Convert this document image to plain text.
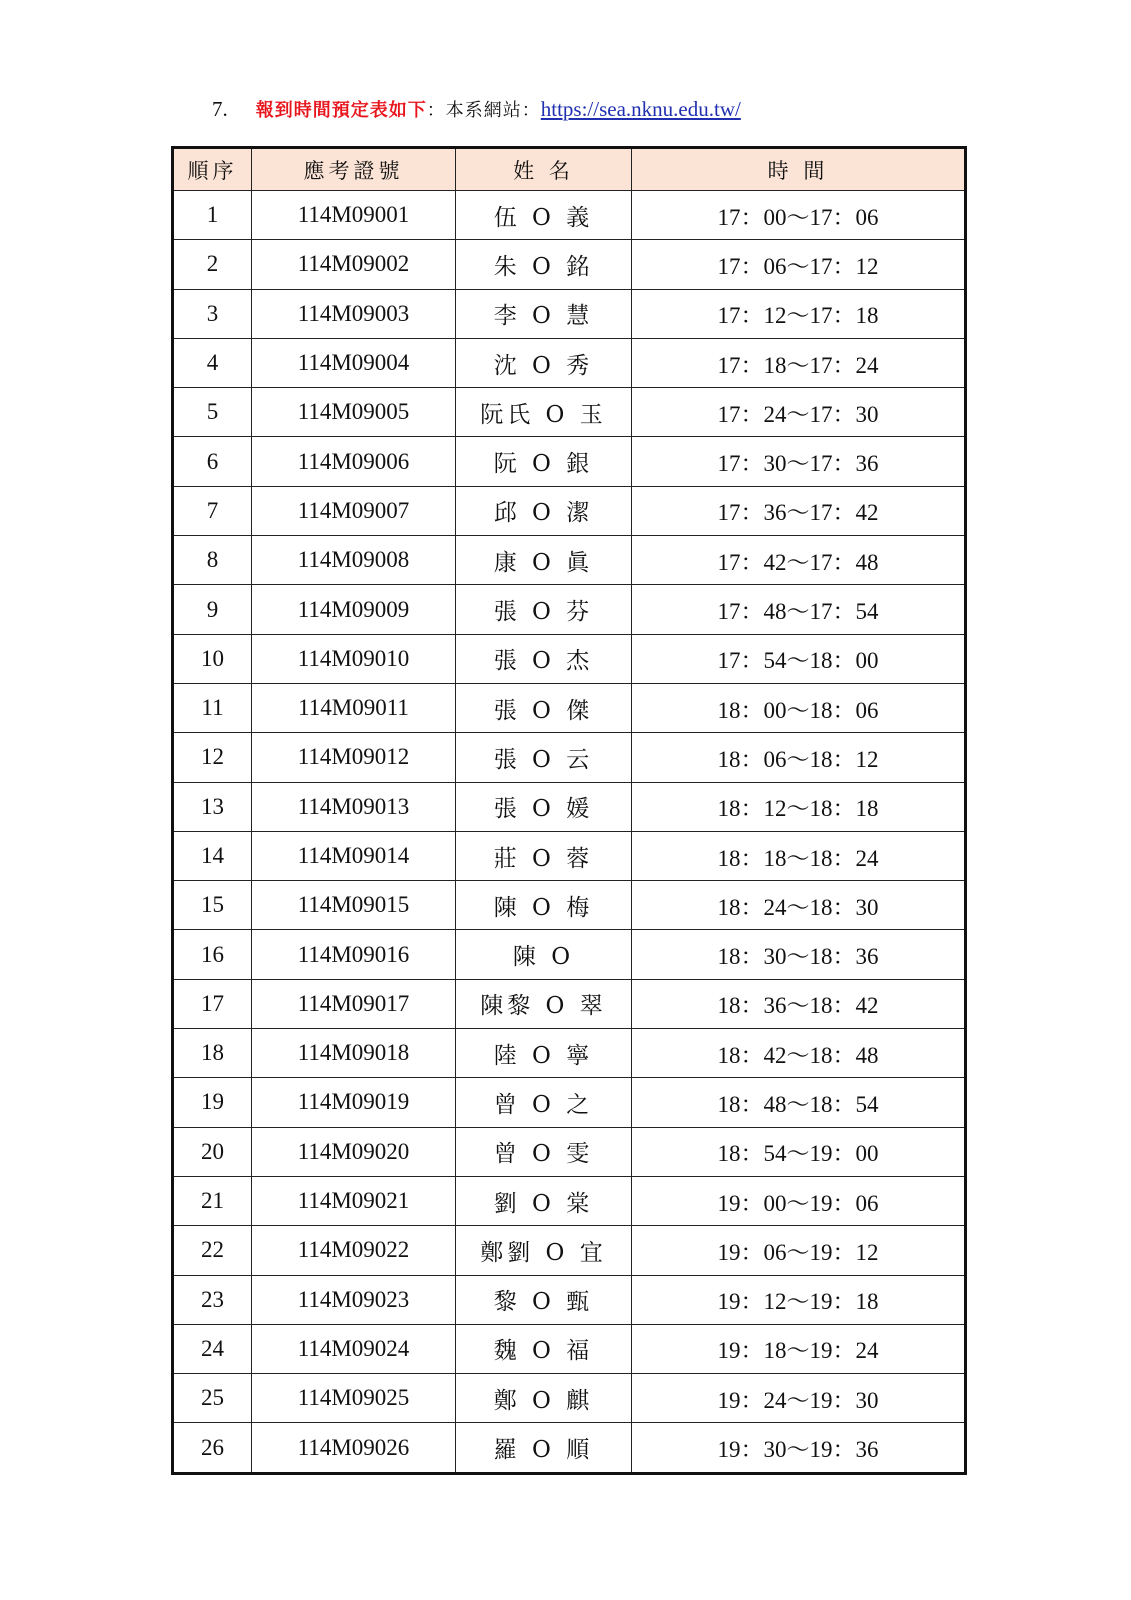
7. 報到時間預定表如下 ：本系網站： https://sea.nknu.edu.tw/
順序	應考證號	姓 名	時 間
1	114M09001	伍 O 義	17：00～17：06
2	114M09002	朱 O 銘	17：06～17：12
3	114M09003	李 O 慧	17：12～17：18
4	114M09004	沈 O 秀	17：18～17：24
5	114M09005	阮氏 O 玉	17：24～17：30
6	114M09006	阮 O 銀	17：30～17：36
7	114M09007	邱 O 潔	17：36～17：42
8	114M09008	康 O 眞	17：42～17：48
9	114M09009	張 O 芬	17：48～17：54
10	114M09010	張 O 杰	17：54～18：00
11	114M09011	張 O 傑	18：00～18：06
12	114M09012	張 O 云	18：06～18：12
13	114M09013	張 O 媛	18：12～18：18
14	114M09014	莊 O 蓉	18：18～18：24
15	114M09015	陳 O 梅	18：24～18：30
16	114M09016	陳 O	18：30～18：36
17	114M09017	陳黎 O 翠	18：36～18：42
18	114M09018	陸 O 寧	18：42～18：48
19	114M09019	曾 O 之	18：48～18：54
20	114M09020	曾 O 雯	18：54～19：00
21	114M09021	劉 O 棠	19：00～19：06
22	114M09022	鄭劉 O 宜	19：06～19：12
23	114M09023	黎 O 甄	19：12～19：18
24	114M09024	魏 O 福	19：18～19：24
25	114M09025	鄭 O 麒	19：24～19：30
26	114M09026	羅 O 順	19：30～19：36
